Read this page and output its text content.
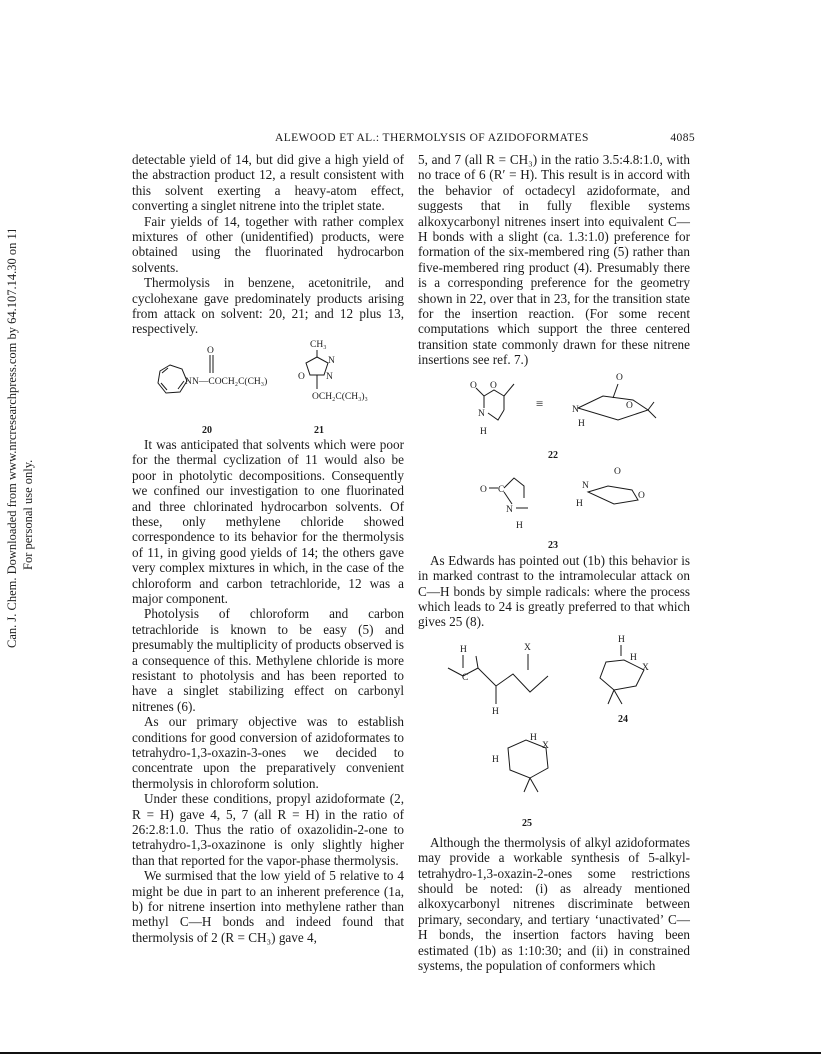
Can. J. Chem. Downloaded from www.nrcresearchpress.com by 64.107.14.30 on 11/11/14 For personal use only.
ALEWOOD ET AL.: THERMOLYSIS OF AZIDOFORMATES	4085

detectable yield of 14, but did give a high yield of the abstraction product 12, a result consistent with this solvent exerting a heavy-atom effect, converting a singlet nitrene into the triplet state.

Fair yields of 14, together with rather complex mixtures of other (unidentified) products, were obtained using the fluorinated hydrocarbon solvents.

Thermolysis in benzene, acetonitrile, and cyclohexane gave predominately products arising from attack on solvent: 20, 21; and 12 plus 13, respectively.

N
O
N—COCH₂C(CH₃)
20
CH₃
N
N
O
OCH₂C(CH₃)₃
21

It was anticipated that solvents which were poor for the thermal cyclization of 11 would also be poor in photolytic decompositions. Consequently we confined our investigation to one fluorinated and three chlorinated hydrocarbon solvents. Of these, only methylene chloride showed correspondence to its behavior for the thermolysis of 11, in giving good yields of 14; the others gave very complex mixtures in which, in the case of the chloroform and carbon tetrachloride, 12 was a major component.

Photolysis of chloroform and carbon tetrachloride is known to be easy (5) and presumably the multiplicity of products observed is a consequence of this. Methylene chloride is more resistant to photolysis and has been reported to have a singlet stabilizing effect on carbonyl nitrenes (6).

As our primary objective was to establish conditions for good conversion of azidoformates to tetrahydro-1,3-oxazin-3-ones we decided to concentrate upon the preparatively convenient thermolysis in chloroform solution.

Under these conditions, propyl azidoformate (2, R = H) gave 4, 5, 7 (all R = H) in the ratio of 26:2.8:1.0. Thus the ratio of oxazolidin-2-one to tetrahydro-1,3-oxazinone is only slightly higher than that reported for the vapor-phase thermolysis.

We surmised that the low yield of 5 relative to 4 might be due in part to an inherent preference (1a, b) for nitrene insertion into methylene rather than methyl C—H bonds and indeed found that thermolysis of 2 (R = CH₃) gave 4,

5, and 7 (all R = CH₃) in the ratio 3.5:4.8:1.0, with no trace of 6 (R′ = H). This result is in accord with the behavior of octadecyl azidoformate, and suggests that in fully flexible systems alkoxycarbonyl nitrenes insert into equivalent C—H bonds with a slight (ca. 1.3:1.0) preference for formation of the six-membered ring (5) rather than five-membered ring product (4). Presumably there is a corresponding preference for the geometry shown in 22, over that in 23, for the transition state for the insertion reaction. (For some recent computations which support the three centered transition state commonly drawn for these nitrene insertions see ref. 7.)

O O
N
H
≡
O
N	O
H
22
O C
N
H
O
N
O
H
23

As Edwards has pointed out (1b) this behavior is in marked contrast to the intramolecular attack on C—H bonds by simple radicals: where the process which leads to 24 is greatly preferred to that which gives 25 (8).

H
C
X
H
H
H
X
24
H
X
H
25

Although the thermolysis of alkyl azidoformates may provide a workable synthesis of 5-alkyl-tetrahydro-1,3-oxazin-2-ones some restrictions should be noted: (i) as already mentioned alkoxycarbonyl nitrenes discriminate between primary, secondary, and tertiary ‘unactivated’ C—H bonds, the insertion factors having been estimated (1b) as 1:10:30; and (ii) in constrained systems, the population of conformers which
